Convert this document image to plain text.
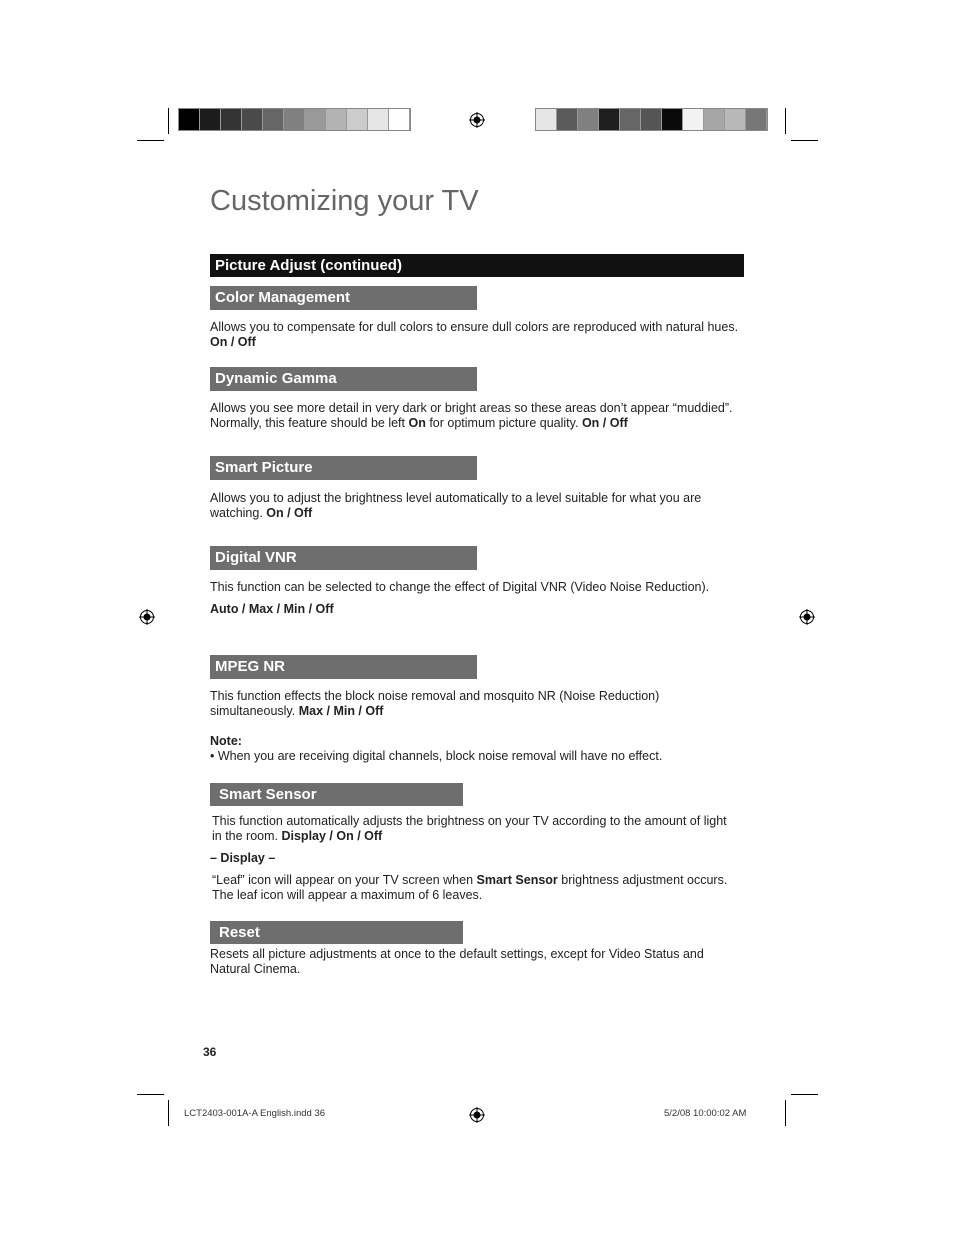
Customizing your TV
Picture Adjust (continued)
Color Management
Allows you to compensate for dull colors to ensure dull colors are reproduced with natural hues.
On / Off
Dynamic Gamma
Allows you see more detail in very dark or bright areas so these areas don’t appear “muddied”.
Normally, this feature should be left On for optimum picture quality. On / Off
Smart Picture
Allows you to adjust the brightness level automatically to a level suitable for what you are
watching. On / Off
Digital VNR
This function can be selected to change the effect of Digital VNR (Video Noise Reduction).
Auto / Max / Min / Off
MPEG NR
This function effects the block noise removal and mosquito NR (Noise Reduction)
simultaneously. Max / Min / Off
Note:
• When you are receiving digital channels, block noise removal will have no effect.
Smart Sensor
This function automatically adjusts the brightness on your TV according to the amount of light
in the room. Display / On / Off
– Display –
“Leaf” icon will appear on your TV screen when Smart Sensor brightness adjustment occurs.
The leaf icon will appear a maximum of 6 leaves.
Reset
Resets all picture adjustments at once to the default settings, except for Video Status and
Natural Cinema.
36
LCT2403-001A-A English.indd 36	5/2/08 10:00:02 AM
